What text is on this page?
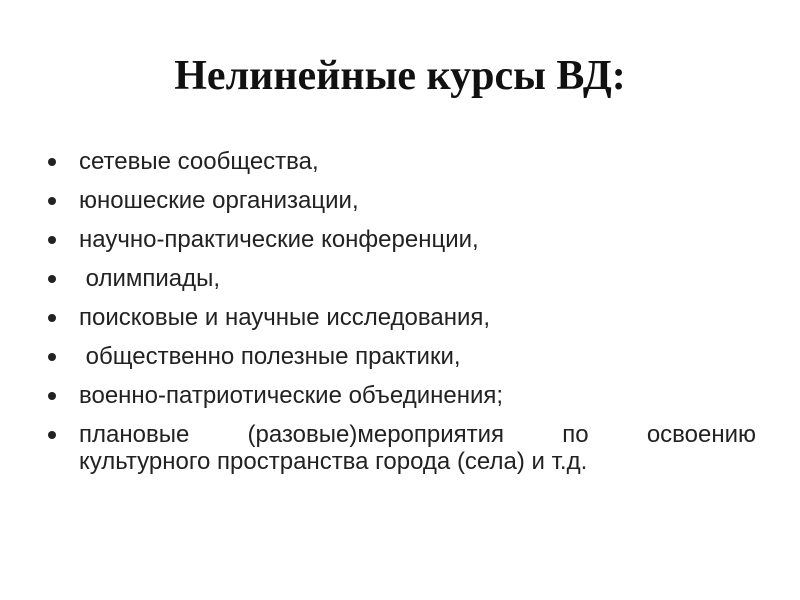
Нелинейные курсы ВД:
сетевые сообщества,
юношеские организации,
научно-практические конференции,
олимпиады,
поисковые и научные исследования,
общественно полезные практики,
военно-патриотические объединения;
плановые  (разовые)мероприятия  по  освоению культурного пространства города (села) и т.д.
